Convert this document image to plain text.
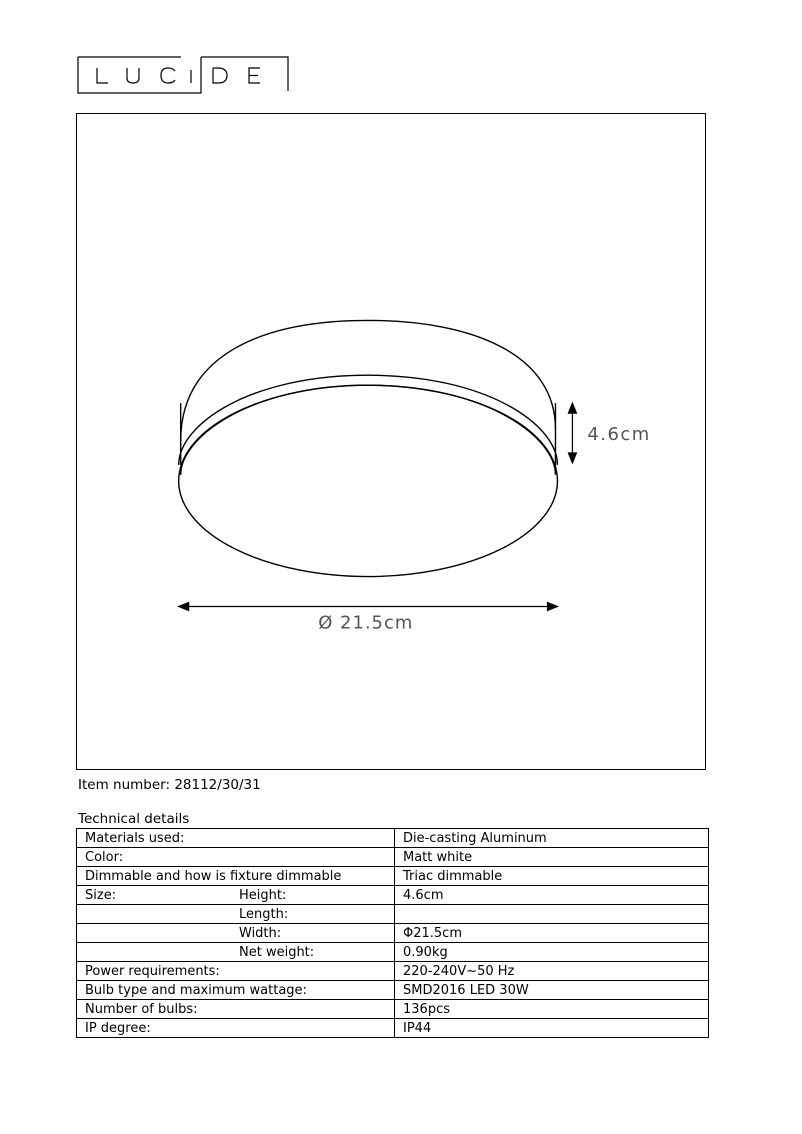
4.6cm
Ø 21.5cm
Item number: 28112/30/31
Technical details
Materials used:	Die-casting Aluminum
Color:	Matt white
Dimmable and how is fixture dimmable	Triac dimmable
Size: Height:	4.6cm
Length:	
Width:	Φ21.5cm
Net weight:	0.90kg
Power requirements:	220-240V~50 Hz
Bulb type and maximum wattage:	SMD2016 LED 30W
Number of bulbs:	136pcs
IP degree:	IP44
